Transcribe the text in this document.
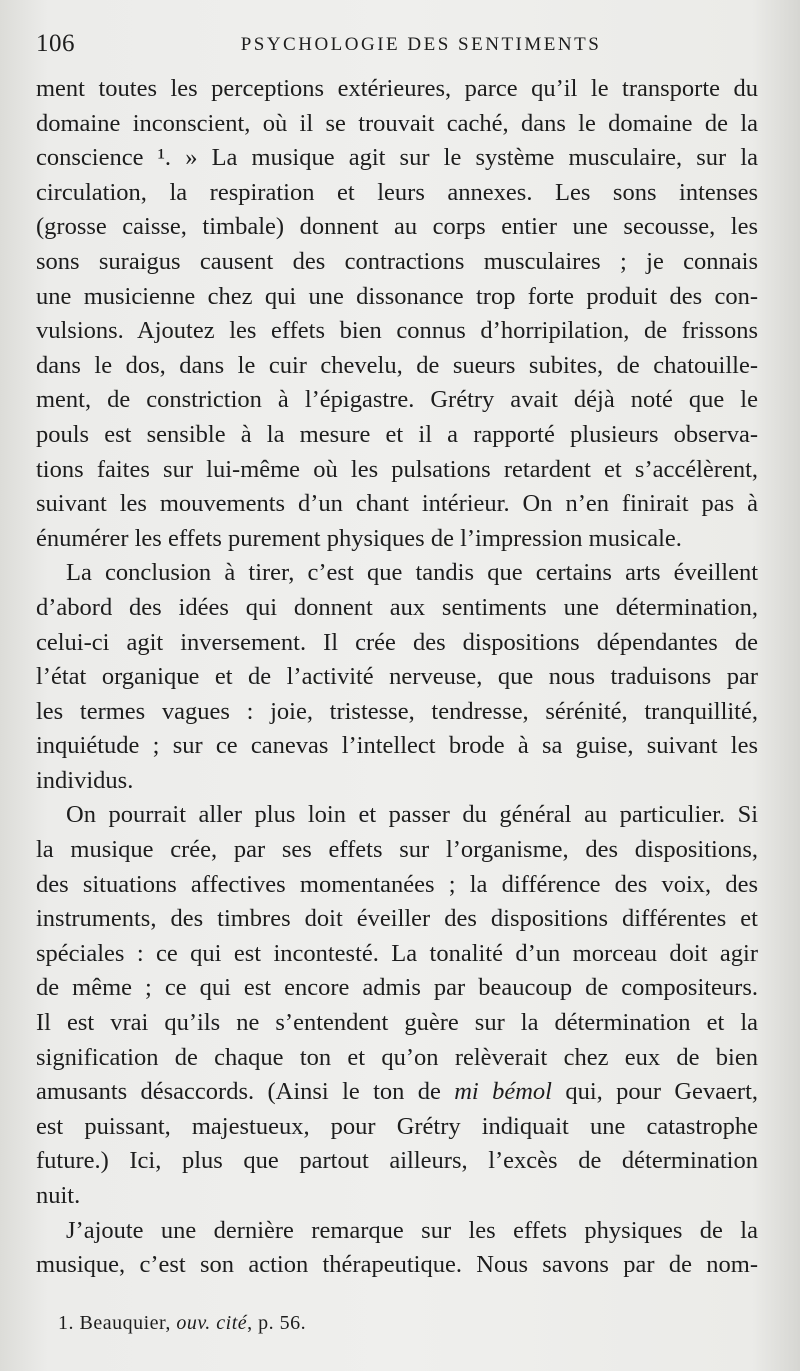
106	PSYCHOLOGIE DES SENTIMENTS
ment toutes les perceptions extérieures, parce qu’il le transporte du
domaine inconscient, où il se trouvait caché, dans le domaine de la
conscience ¹. » La musique agit sur le système musculaire, sur la
circulation, la respiration et leurs annexes. Les sons intenses
(grosse caisse, timbale) donnent au corps entier une secousse, les
sons suraigus causent des contractions musculaires ; je connais
une musicienne chez qui une dissonance trop forte produit des con-
vulsions. Ajoutez les effets bien connus d’horripilation, de frissons
dans le dos, dans le cuir chevelu, de sueurs subites, de chatouille-
ment, de constriction à l’épigastre. Grétry avait déjà noté que le
pouls est sensible à la mesure et il a rapporté plusieurs observa-
tions faites sur lui-même où les pulsations retardent et s’accélèrent,
suivant les mouvements d’un chant intérieur. On n’en finirait pas à
énumérer les effets purement physiques de l’impression musicale.
La conclusion à tirer, c’est que tandis que certains arts éveillent
d’abord des idées qui donnent aux sentiments une détermination,
celui-ci agit inversement. Il crée des dispositions dépendantes de
l’état organique et de l’activité nerveuse, que nous traduisons par
les termes vagues : joie, tristesse, tendresse, sérénité, tranquillité,
inquiétude ; sur ce canevas l’intellect brode à sa guise, suivant les
individus.
On pourrait aller plus loin et passer du général au particulier. Si
la musique crée, par ses effets sur l’organisme, des dispositions,
des situations affectives momentanées ; la différence des voix, des
instruments, des timbres doit éveiller des dispositions différentes et
spéciales : ce qui est incontesté. La tonalité d’un morceau doit agir
de même ; ce qui est encore admis par beaucoup de compositeurs.
Il est vrai qu’ils ne s’entendent guère sur la détermination et la
signification de chaque ton et qu’on relèverait chez eux de bien
amusants désaccords. (Ainsi le ton de mi bémol qui, pour Gevaert,
est puissant, majestueux, pour Grétry indiquait une catastrophe
future.) Ici, plus que partout ailleurs, l’excès de détermination
nuit.
J’ajoute une dernière remarque sur les effets physiques de la
musique, c’est son action thérapeutique. Nous savons par de nom-
1. Beauquier, ouv. cité, p. 56.
